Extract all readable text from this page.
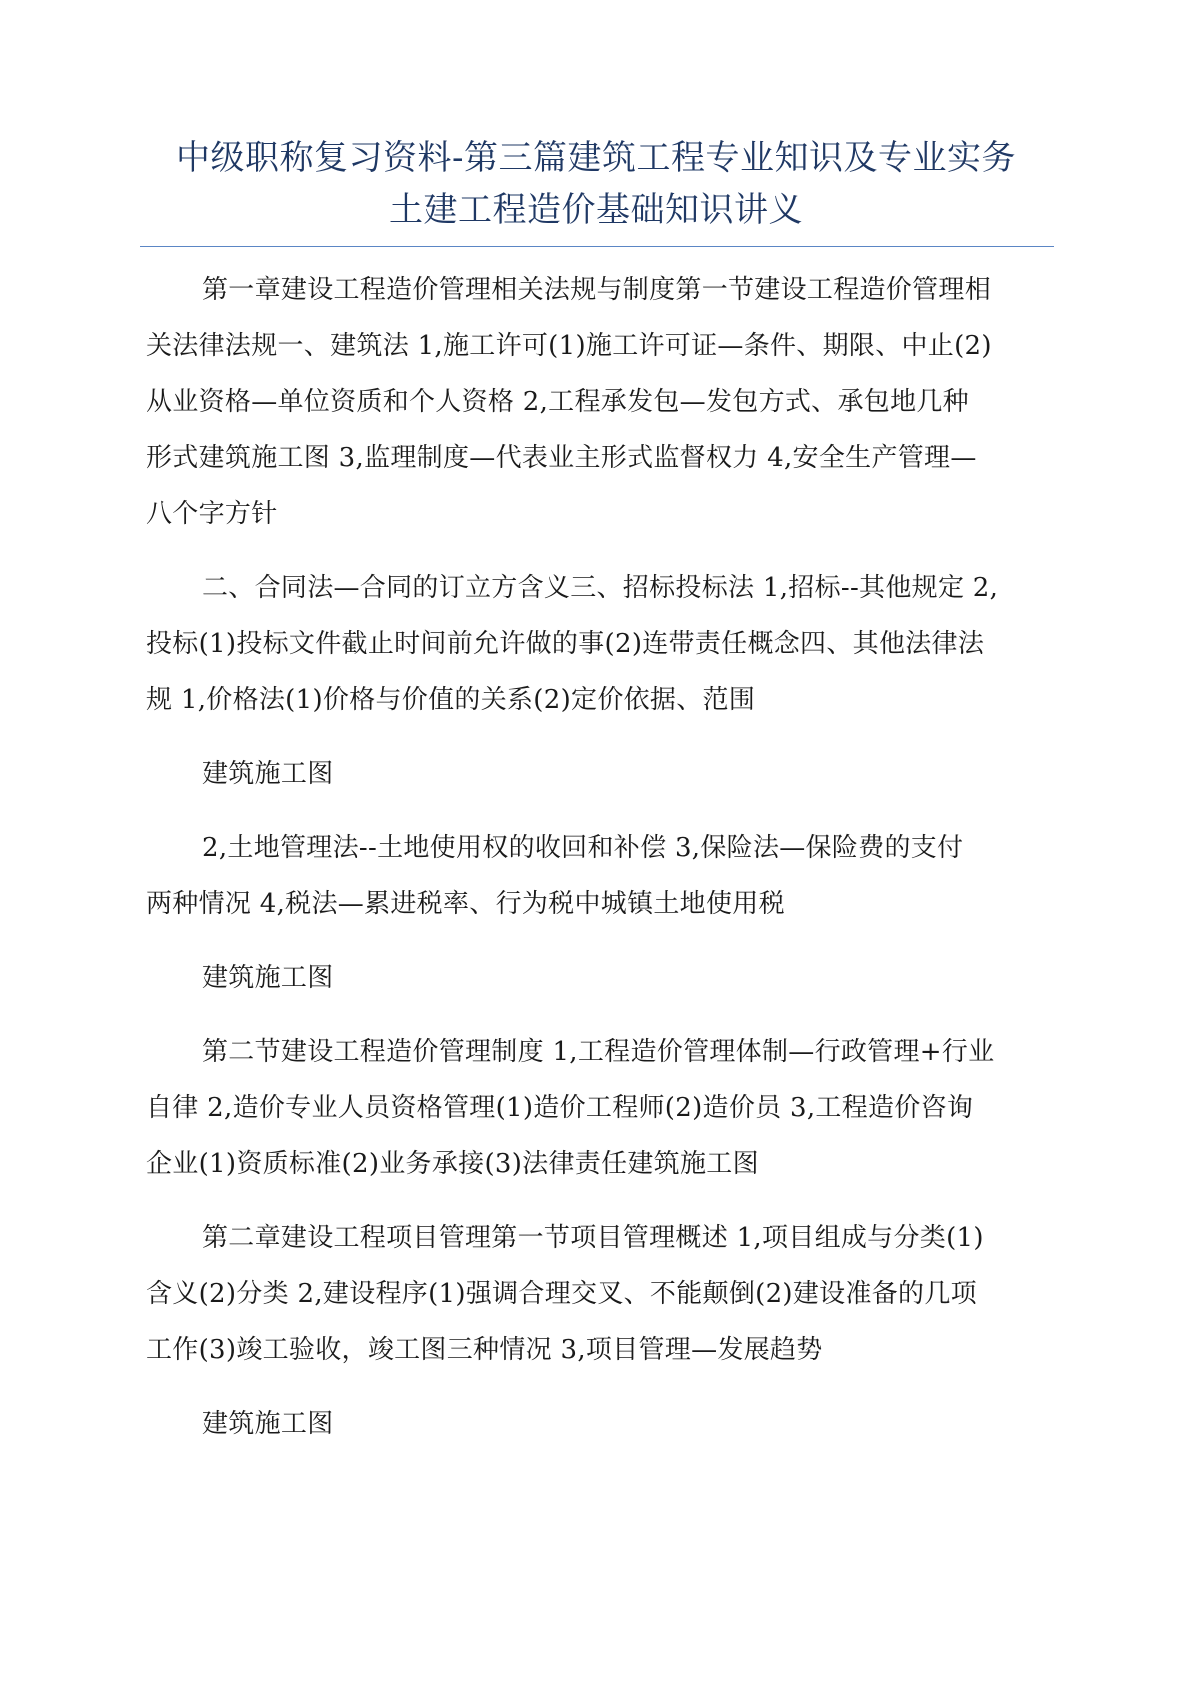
中级职称复习资料-第三篇建筑工程专业知识及专业实务
土建工程造价基础知识讲义

第一章建设工程造价管理相关法规与制度第一节建设工程造价管理相
关法律法规一、建筑法 1,施工许可(1)施工许可证—条件、期限、中止(2)
从业资格—单位资质和个人资格 2,工程承发包—发包方式、承包地几种
形式建筑施工图 3,监理制度—代表业主形式监督权力 4,安全生产管理—
八个字方针

二、合同法—合同的订立方含义三、招标投标法 1,招标--其他规定 2,
投标(1)投标文件截止时间前允许做的事(2)连带责任概念四、其他法律法
规 1,价格法(1)价格与价值的关系(2)定价依据、范围

建筑施工图

2,土地管理法--土地使用权的收回和补偿 3,保险法—保险费的支付
两种情况 4,税法—累进税率、行为税中城镇土地使用税

建筑施工图

第二节建设工程造价管理制度 1,工程造价管理体制—行政管理+行业
自律 2,造价专业人员资格管理(1)造价工程师(2)造价员 3,工程造价咨询
企业(1)资质标准(2)业务承接(3)法律责任建筑施工图

第二章建设工程项目管理第一节项目管理概述 1,项目组成与分类(1)
含义(2)分类 2,建设程序(1)强调合理交叉、不能颠倒(2)建设准备的几项
工作(3)竣工验收，竣工图三种情况 3,项目管理—发展趋势

建筑施工图
